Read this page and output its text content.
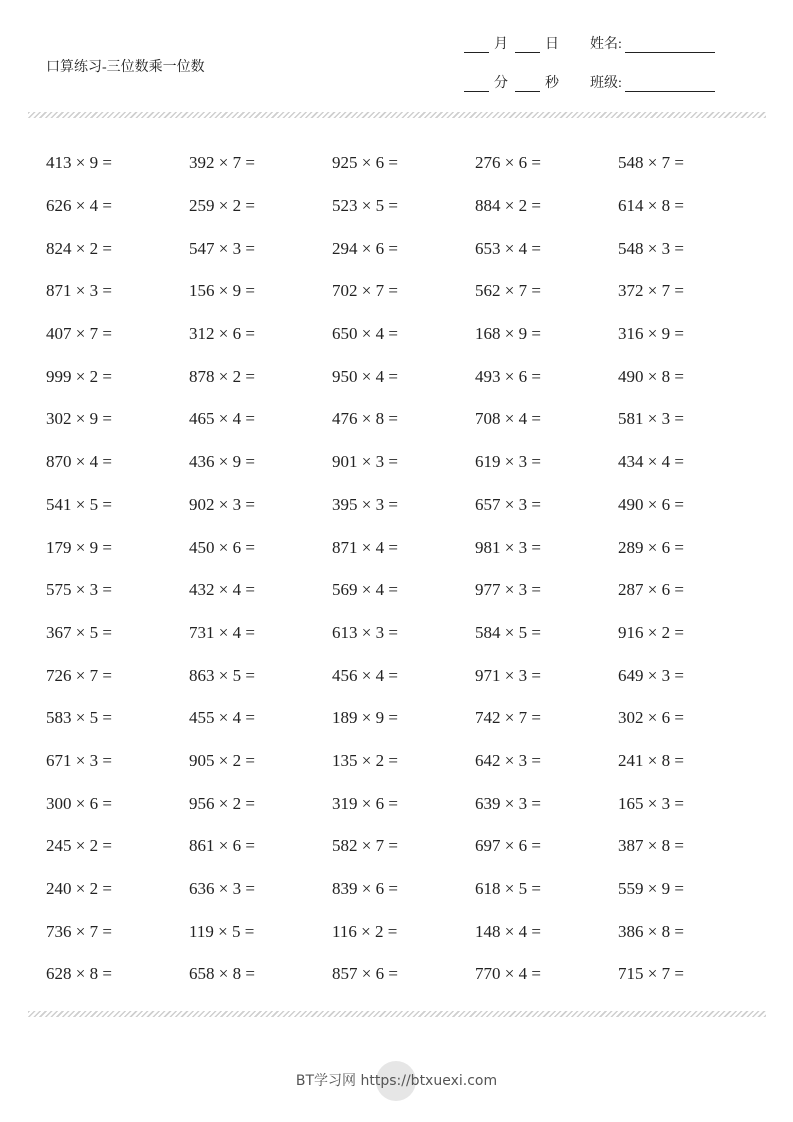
口算练习-三位数乘一位数
月	日 姓名:
分	秒 班级:
413 × 9 =	392 × 7 =	925 × 6 =	276 × 6 =	548 × 7 =
626 × 4 =	259 × 2 =	523 × 5 =	884 × 2 =	614 × 8 =
824 × 2 =	547 × 3 =	294 × 6 =	653 × 4 =	548 × 3 =
871 × 3 =	156 × 9 =	702 × 7 =	562 × 7 =	372 × 7 =
407 × 7 =	312 × 6 =	650 × 4 =	168 × 9 =	316 × 9 =
999 × 2 =	878 × 2 =	950 × 4 =	493 × 6 =	490 × 8 =
302 × 9 =	465 × 4 =	476 × 8 =	708 × 4 =	581 × 3 =
870 × 4 =	436 × 9 =	901 × 3 =	619 × 3 =	434 × 4 =
541 × 5 =	902 × 3 =	395 × 3 =	657 × 3 =	490 × 6 =
179 × 9 =	450 × 6 =	871 × 4 =	981 × 3 =	289 × 6 =
575 × 3 =	432 × 4 =	569 × 4 =	977 × 3 =	287 × 6 =
367 × 5 =	731 × 4 =	613 × 3 =	584 × 5 =	916 × 2 =
726 × 7 =	863 × 5 =	456 × 4 =	971 × 3 =	649 × 3 =
583 × 5 =	455 × 4 =	189 × 9 =	742 × 7 =	302 × 6 =
671 × 3 =	905 × 2 =	135 × 2 =	642 × 3 =	241 × 8 =
300 × 6 =	956 × 2 =	319 × 6 =	639 × 3 =	165 × 3 =
245 × 2 =	861 × 6 =	582 × 7 =	697 × 6 =	387 × 8 =
240 × 2 =	636 × 3 =	839 × 6 =	618 × 5 =	559 × 9 =
736 × 7 =	119 × 5 =	116 × 2 =	148 × 4 =	386 × 8 =
628 × 8 =	658 × 8 =	857 × 6 =	770 × 4 =	715 × 7 =
BT学习网 https://btxuexi.com
